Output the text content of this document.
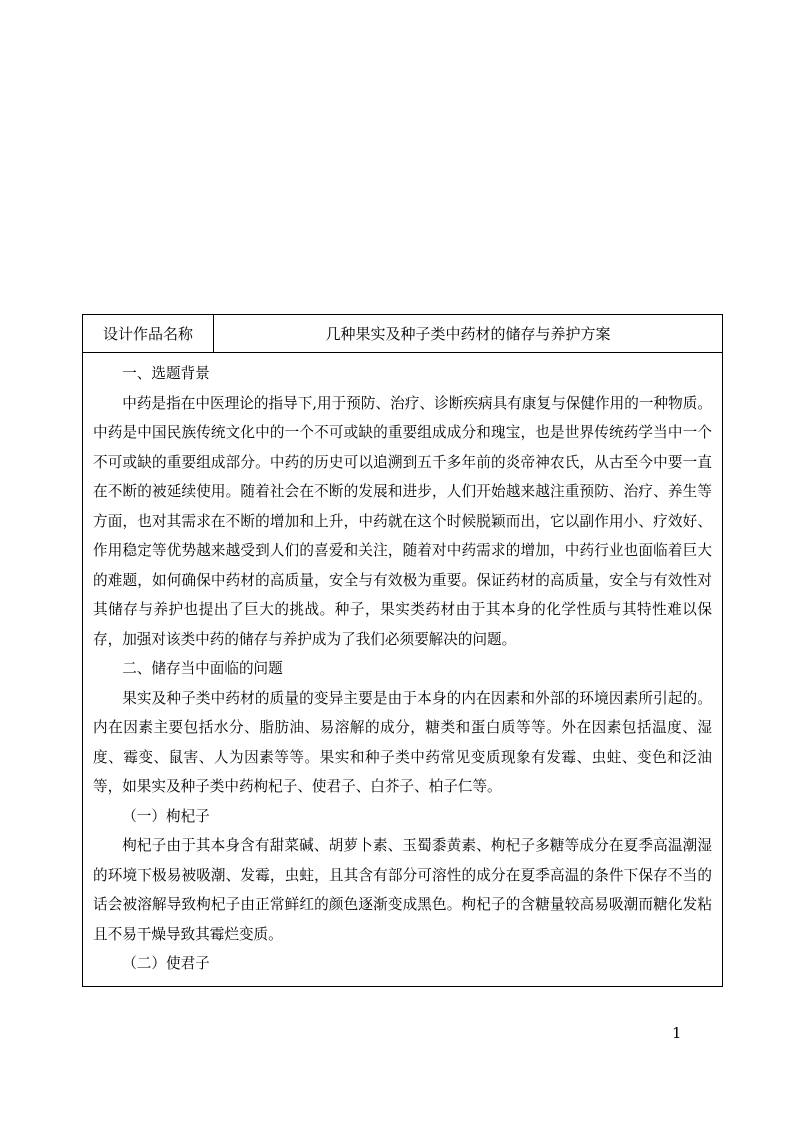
设计作品名称	几种果实及种子类中药材的储存与养护方案

一、选题背景

中药是指在中医理论的指导下,用于预防、治疗、诊断疾病具有康复与保健作用的一种物质。中药是中国民族传统文化中的一个不可或缺的重要组成成分和瑰宝，也是世界传统药学当中一个不可或缺的重要组成部分。中药的历史可以追溯到五千多年前的炎帝神农氏，从古至今中要一直在不断的被延续使用。随着社会在不断的发展和进步，人们开始越来越注重预防、治疗、养生等方面，也对其需求在不断的增加和上升，中药就在这个时候脱颖而出，它以副作用小、疗效好、作用稳定等优势越来越受到人们的喜爱和关注，随着对中药需求的增加，中药行业也面临着巨大的难题，如何确保中药材的高质量，安全与有效极为重要。保证药材的高质量，安全与有效性对其储存与养护也提出了巨大的挑战。种子，果实类药材由于其本身的化学性质与其特性难以保存，加强对该类中药的储存与养护成为了我们必须要解决的问题。

二、储存当中面临的问题

果实及种子类中药材的质量的变异主要是由于本身的内在因素和外部的环境因素所引起的。内在因素主要包括水分、脂肪油、易溶解的成分，糖类和蛋白质等等。外在因素包括温度、湿度、霉变、鼠害、人为因素等等。果实和种子类中药常见变质现象有发霉、虫蛀、变色和泛油等，如果实及种子类中药枸杞子、使君子、白芥子、柏子仁等。

（一）枸杞子

枸杞子由于其本身含有甜菜碱、胡萝卜素、玉蜀黍黄素、枸杞子多糖等成分在夏季高温潮湿的环境下极易被吸潮、发霉，虫蛀，且其含有部分可溶性的成分在夏季高温的条件下保存不当的话会被溶解导致枸杞子由正常鲜红的颜色逐渐变成黑色。枸杞子的含糖量较高易吸潮而糖化发粘且不易干燥导致其霉烂变质。

（二）使君子

1
